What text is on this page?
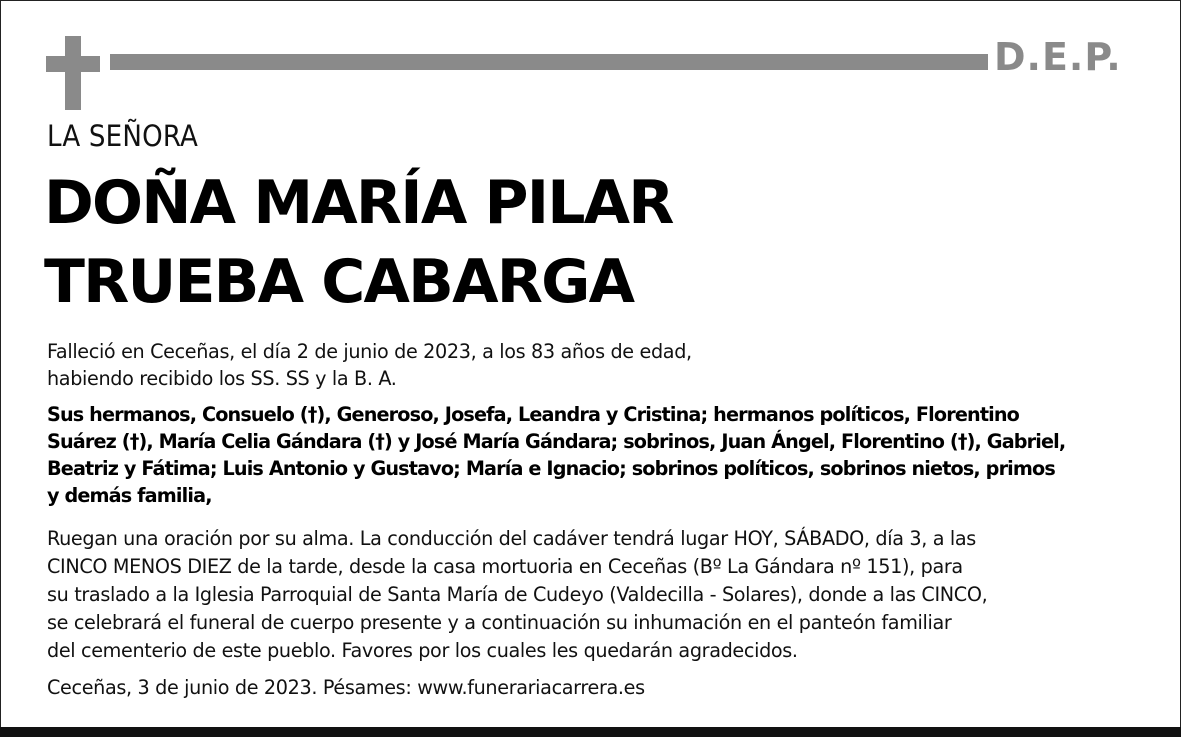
D.E.P.
LA SEÑORA
DOÑA MARÍA PILAR
TRUEBA CABARGA
Falleció en Ceceñas, el día 2 de junio de 2023, a los 83 años de edad,
habiendo recibido los SS. SS y la B. A.
Sus hermanos, Consuelo (†), Generoso, Josefa, Leandra y Cristina; hermanos políticos, Florentino
Suárez (†), María Celia Gándara (†) y José María Gándara; sobrinos, Juan Ángel, Florentino (†), Gabriel,
Beatriz y Fátima; Luis Antonio y Gustavo; María e Ignacio; sobrinos políticos, sobrinos nietos, primos
y demás familia,
Ruegan una oración por su alma. La conducción del cadáver tendrá lugar HOY, SÁBADO, día 3, a las
CINCO MENOS DIEZ de la tarde, desde la casa mortuoria en Ceceñas (Bº La Gándara nº 151), para
su traslado a la Iglesia Parroquial de Santa María de Cudeyo (Valdecilla - Solares), donde a las CINCO,
se celebrará el funeral de cuerpo presente y a continuación su inhumación en el panteón familiar
del cementerio de este pueblo. Favores por los cuales les quedarán agradecidos.
Ceceñas, 3 de junio de 2023. Pésames: www.funerariacarrera.es
